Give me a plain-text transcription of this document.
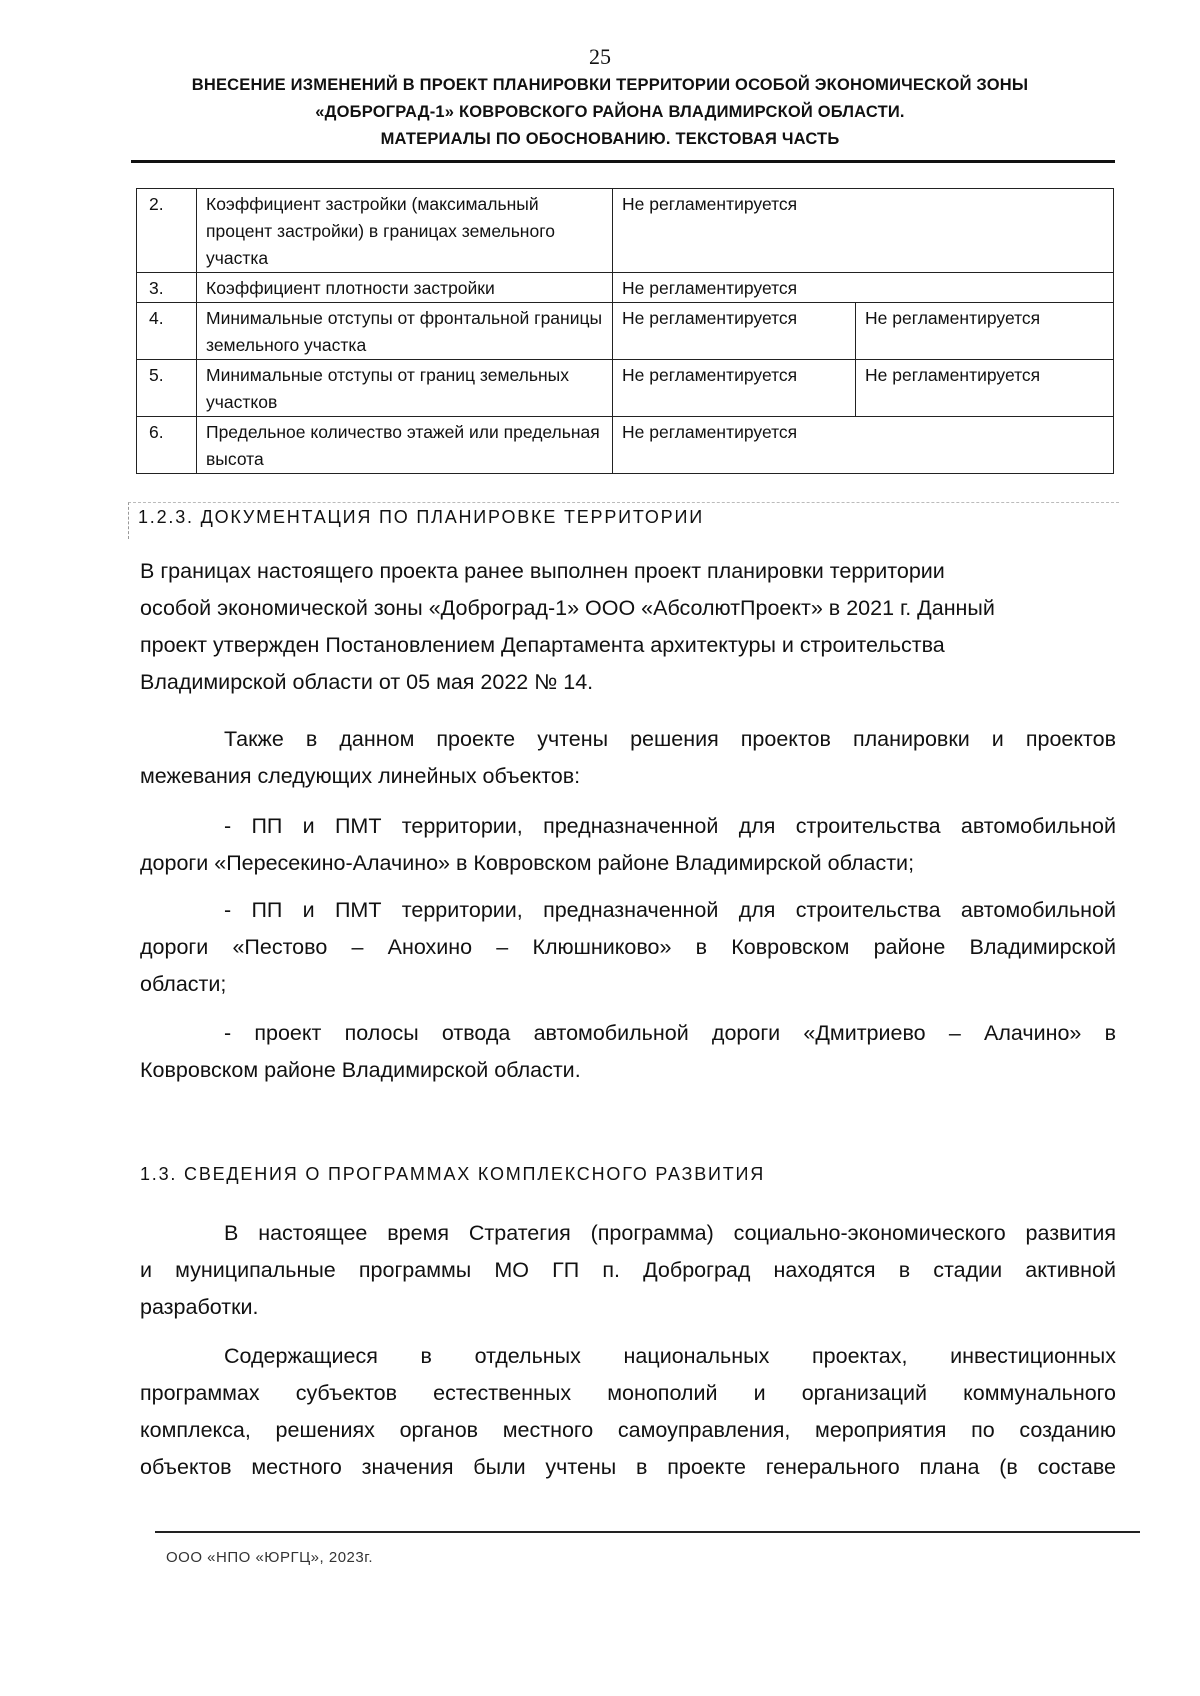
25
ВНЕСЕНИЕ ИЗМЕНЕНИЙ В ПРОЕКТ ПЛАНИРОВКИ ТЕРРИТОРИИ ОСОБОЙ ЭКОНОМИЧЕСКОЙ ЗОНЫ
«ДОБРОГРАД-1» КОВРОВСКОГО РАЙОНА ВЛАДИМИРСКОЙ ОБЛАСТИ.
МАТЕРИАЛЫ ПО ОБОСНОВАНИЮ. ТЕКСТОВАЯ ЧАСТЬ
2.	Коэффициент застройки (максимальный процент застройки) в границах земельного участка	Не регламентируется	
3.	Коэффициент плотности застройки	Не регламентируется	
4.	Минимальные отступы от фронтальной границы земельного участка	Не регламентируется	Не регламентируется
5.	Минимальные отступы от границ земельных участков	Не регламентируется	Не регламентируется
6.	Предельное количество этажей или предельная высота	Не регламентируется	
1.2.3. ДОКУМЕНТАЦИЯ ПО ПЛАНИРОВКЕ ТЕРРИТОРИИ
В границах настоящего проекта ранее выполнен проект планировки территории
особой экономической зоны «Доброград-1» ООО «АбсолютПроект» в 2021 г. Данный
проект утвержден Постановлением Департамента архитектуры и строительства
Владимирской области от 05 мая 2022 № 14.
Также в данном проекте учтены решения проектов планировки и проектов
межевания следующих линейных объектов:
- ПП и ПМТ территории, предназначенной для строительства автомобильной
дороги «Пересекино-Алачино» в Ковровском районе Владимирской области;
- ПП и ПМТ территории, предназначенной для строительства автомобильной
дороги «Пестово – Анохино – Клюшниково» в Ковровском районе Владимирской
области;
- проект полосы отвода автомобильной дороги «Дмитриево – Алачино» в
Ковровском районе Владимирской области.
1.3. СВЕДЕНИЯ О ПРОГРАММАХ КОМПЛЕКСНОГО РАЗВИТИЯ
В настоящее время Стратегия (программа) социально-экономического развития
и муниципальные программы МО ГП п. Доброград находятся в стадии активной
разработки.
Содержащиеся в отдельных национальных проектах, инвестиционных
программах субъектов естественных монополий и организаций коммунального
комплекса, решениях органов местного самоуправления, мероприятия по созданию
объектов местного значения были учтены в проекте генерального плана (в составе
ООО «НПО «ЮРГЦ», 2023г.
